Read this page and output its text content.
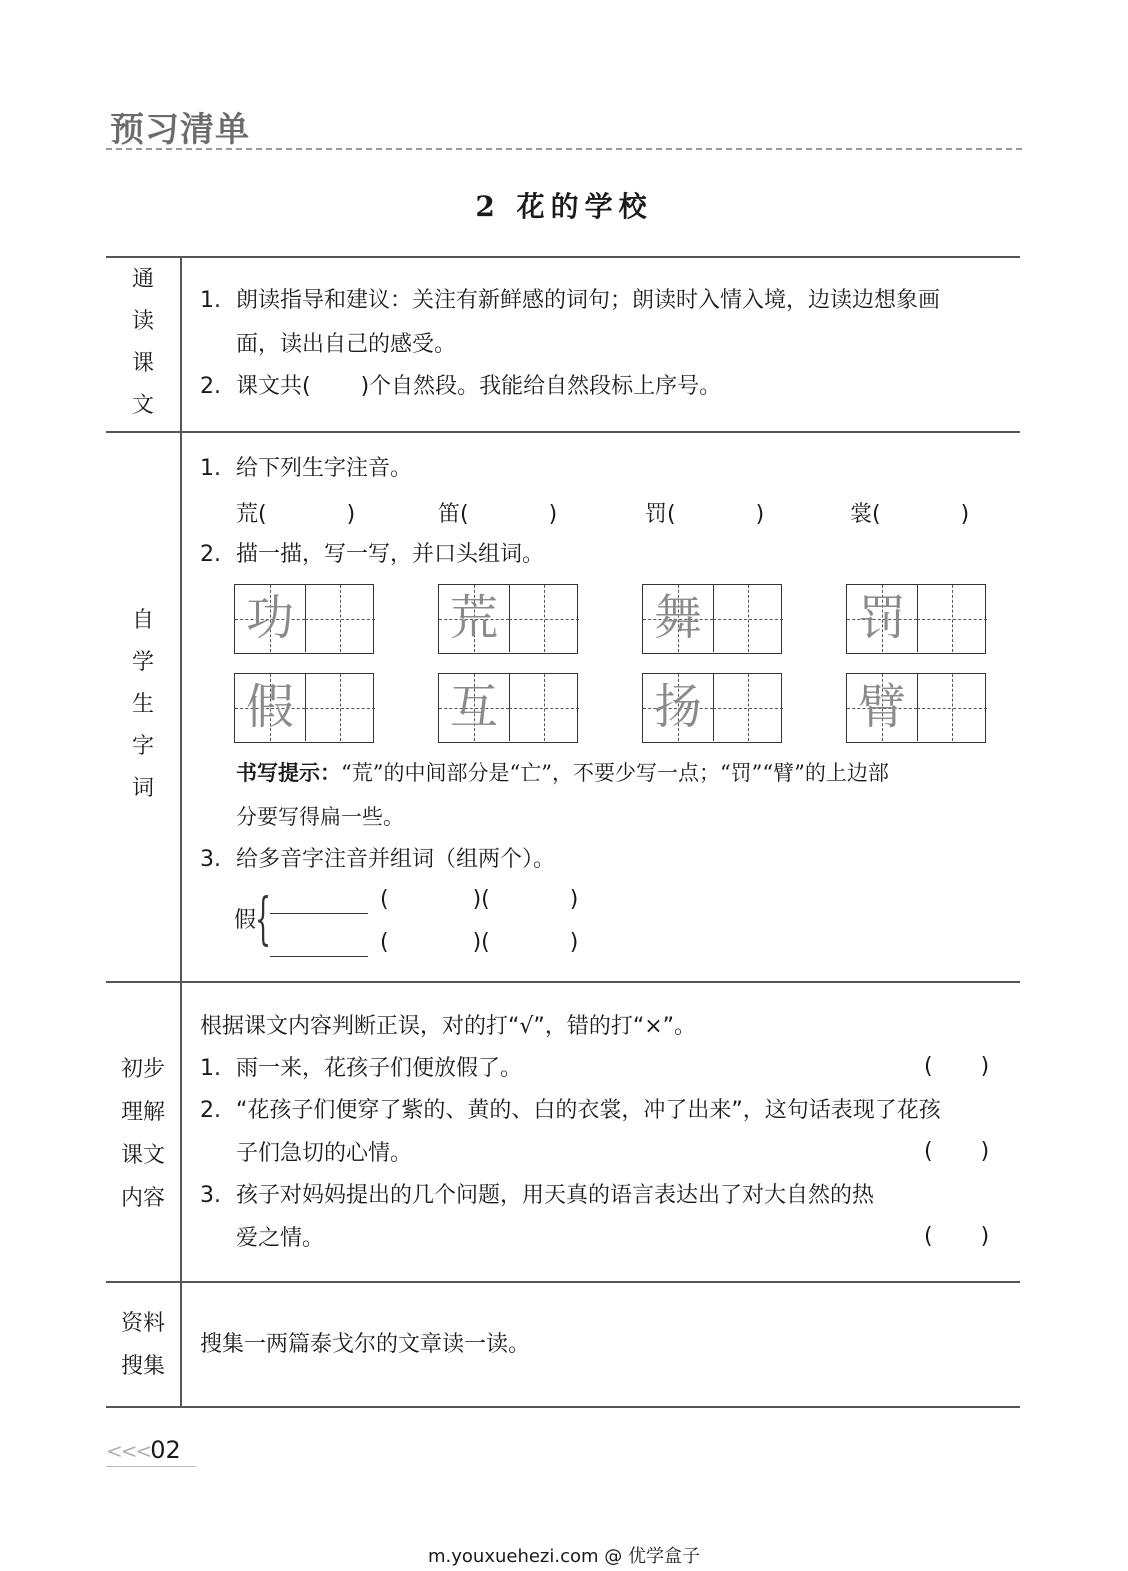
预习清单
2 花的学校
通
读
课
文
1. 朗读指导和建议：关注有新鲜感的词句；朗读时入情入境，边读边想象画
面，读出自己的感受。
2. 课文共( )个自然段。我能给自然段标上序号。
自
学
生
字
词
1. 给下列生字注音。
荒(	)	笛(	)	罚(	)	裳(	)
2. 描一描，写一写，并口头组词。
功	荒	舞	罚
假	互	扬	臂
书写提示：“荒”的中间部分是“亡”，不要少写一点；“罚”“臂”的上边部
分要写得扁一些。
3. 给多音字注音并组词（组两个）。
假
{	(	)(	)
(	)(	)
初步
理解
课文
内容
根据课文内容判断正误，对的打“√”，错的打“×”。
1. 雨一来，花孩子们便放假了。	( )
2. “花孩子们便穿了紫的、黄的、白的衣裳，冲了出来”，这句话表现了花孩
子们急切的心情。	( )
3. 孩子对妈妈提出的几个问题，用天真的语言表达出了对大自然的热
爱之情。	( )
资料
搜集
搜集一两篇泰戈尔的文章读一读。
<<<02
m.youxuehezi.com @ 优学盒子
